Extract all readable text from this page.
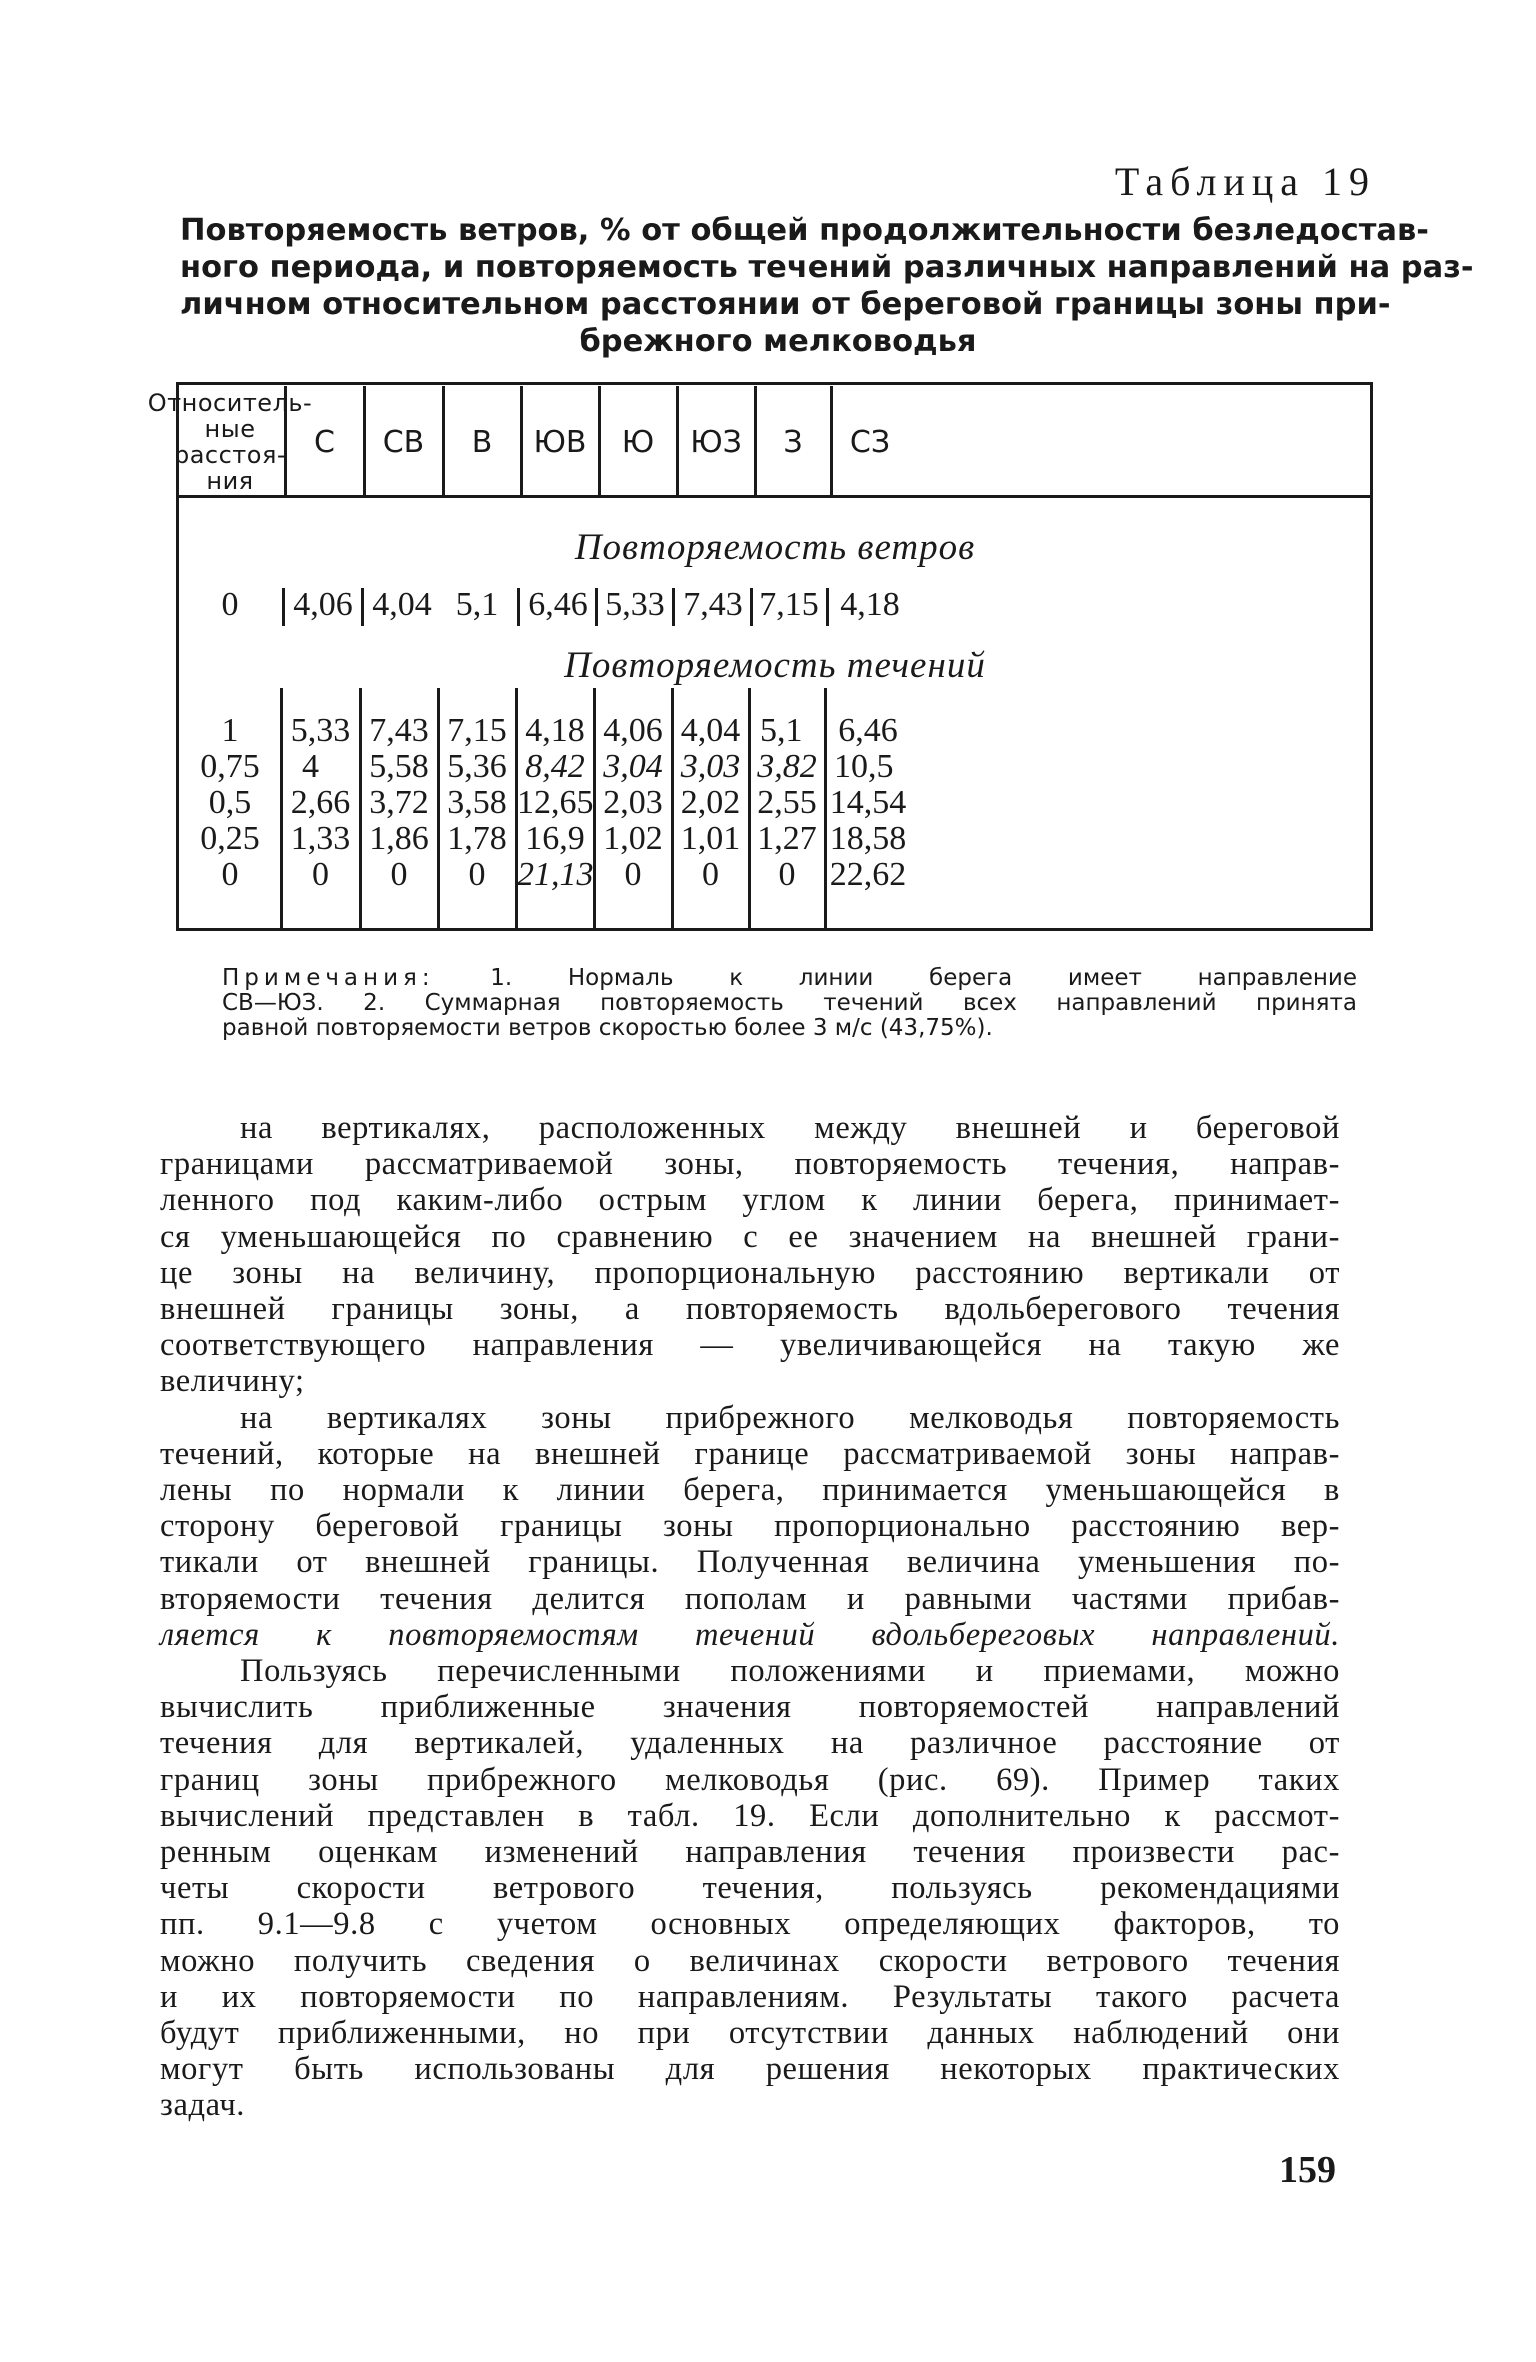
Таблица 19
Повторяемость ветров, % от общей продолжительности безледостав-
ного периода, и повторяемость течений различных направлений на раз-
личном относительном расстоянии от береговой границы зоны при-
брежного мелководья
Относитель-
ные расстоя-
ния
С	СВ	В	ЮВ	Ю	ЮЗ	З	СЗ
Повторяемость ветров
Повторяемость течений
0	4,06 4,04 5,1 6,46 5,33 7,43 7,15 4,18
1	5,33 7,43 7,15 4,18 4,06 4,04 5,1	6,46
0,75	4	5,58 5,36 8,42 3,04 3,03 3,82 10,5
0,5	2,66 3,72 3,58 12,65 2,03 2,02 2,55 14,54
0,25 1,33 1,86 1,78 16,9 1,02 1,01 1,27 18,58
0	0	0	0 21,13 0	0	0	22,62
Примечания: 1. Нормаль к линии берега имеет направление
СВ—ЮЗ. 2. Суммарная повторяемость течений всех направлений принята
равной повторяемости ветров скоростью более 3 м/с (43,75%).
на вертикалях, расположенных между внешней и береговой
границами рассматриваемой зоны, повторяемость течения, направ-
ленного под каким-либо острым углом к линии берега, принимает-
ся уменьшающейся по сравнению с ее значением на внешней грани-
це зоны на величину, пропорциональную расстоянию вертикали от
внешней границы зоны, а повторяемость вдольберегового течения
соответствующего направления — увеличивающейся на такую же
величину;
на вертикалях зоны прибрежного мелководья повторяемость
течений, которые на внешней границе рассматриваемой зоны направ-
лены по нормали к линии берега, принимается уменьшающейся в
сторону береговой границы зоны пропорционально расстоянию вер-
тикали от внешней границы. Полученная величина уменьшения по-
вторяемости течения делится пополам и равными частями прибав-
ляется к повторяемостям течений вдольбереговых направлений.
Пользуясь перечисленными положениями и приемами, можно
вычислить приближенные значения повторяемостей направлений
течения для вертикалей, удаленных на различное расстояние от
границ зоны прибрежного мелководья (рис. 69). Пример таких
вычислений представлен в табл. 19. Если дополнительно к рассмот-
ренным оценкам изменений направления течения произвести рас-
четы скорости ветрового течения, пользуясь рекомендациями
пп. 9.1—9.8 с учетом основных определяющих факторов, то
можно получить сведения о величинах скорости ветрового течения
и их повторяемости по направлениям. Результаты такого расчета
будут приближенными, но при отсутствии данных наблюдений они
могут быть использованы для решения некоторых практических
задач.
159
